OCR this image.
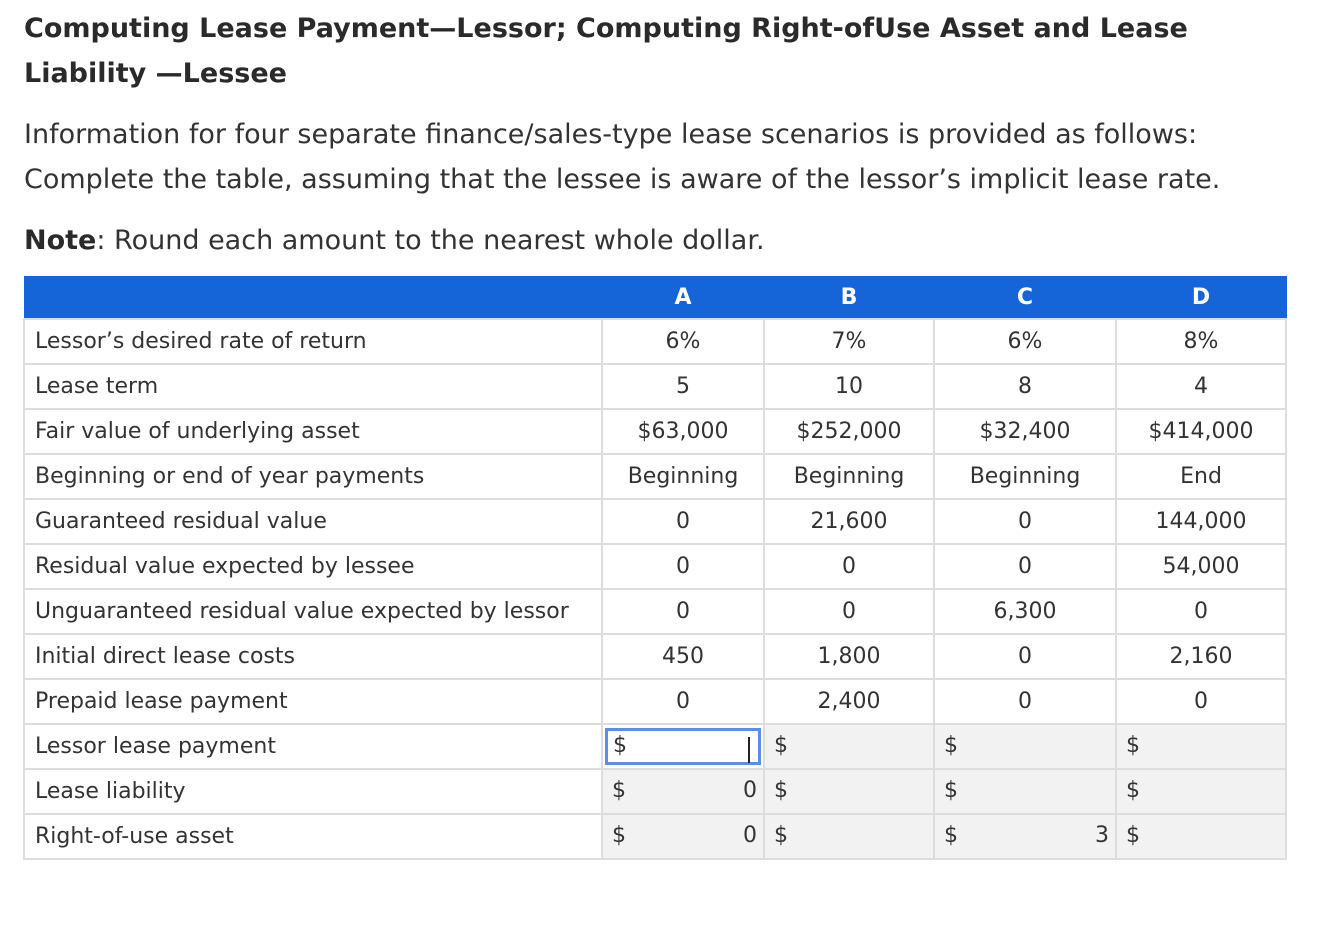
Computing Lease Payment—Lessor; Computing Right-ofUse Asset and Lease Liability —Lessee
Information for four separate finance/sales-type lease scenarios is provided as follows: Complete the table, assuming that the lessee is aware of the lessor’s implicit lease rate.
Note: Round each amount to the nearest whole dollar.
	A	B	C	D
Lessor’s desired rate of return	6%	7%	6%	8%
Lease term	5	10	8	4
Fair value of underlying asset	$63,000	$252,000	$32,400	$414,000
Beginning or end of year payments	Beginning	Beginning	Beginning	End
Guaranteed residual value	0	21,600	0	144,000
Residual value expected by lessee	0	0	0	54,000
Unguaranteed residual value expected by lessor	0	0	6,300	0
Initial direct lease costs	450	1,800	0	2,160
Prepaid lease payment	0	2,400	0	0
Lessor lease payment	$	$	$	$

Lease liability	$ 0	$	$	$

Right-of-use asset	$ 0	$	$ 3	$
